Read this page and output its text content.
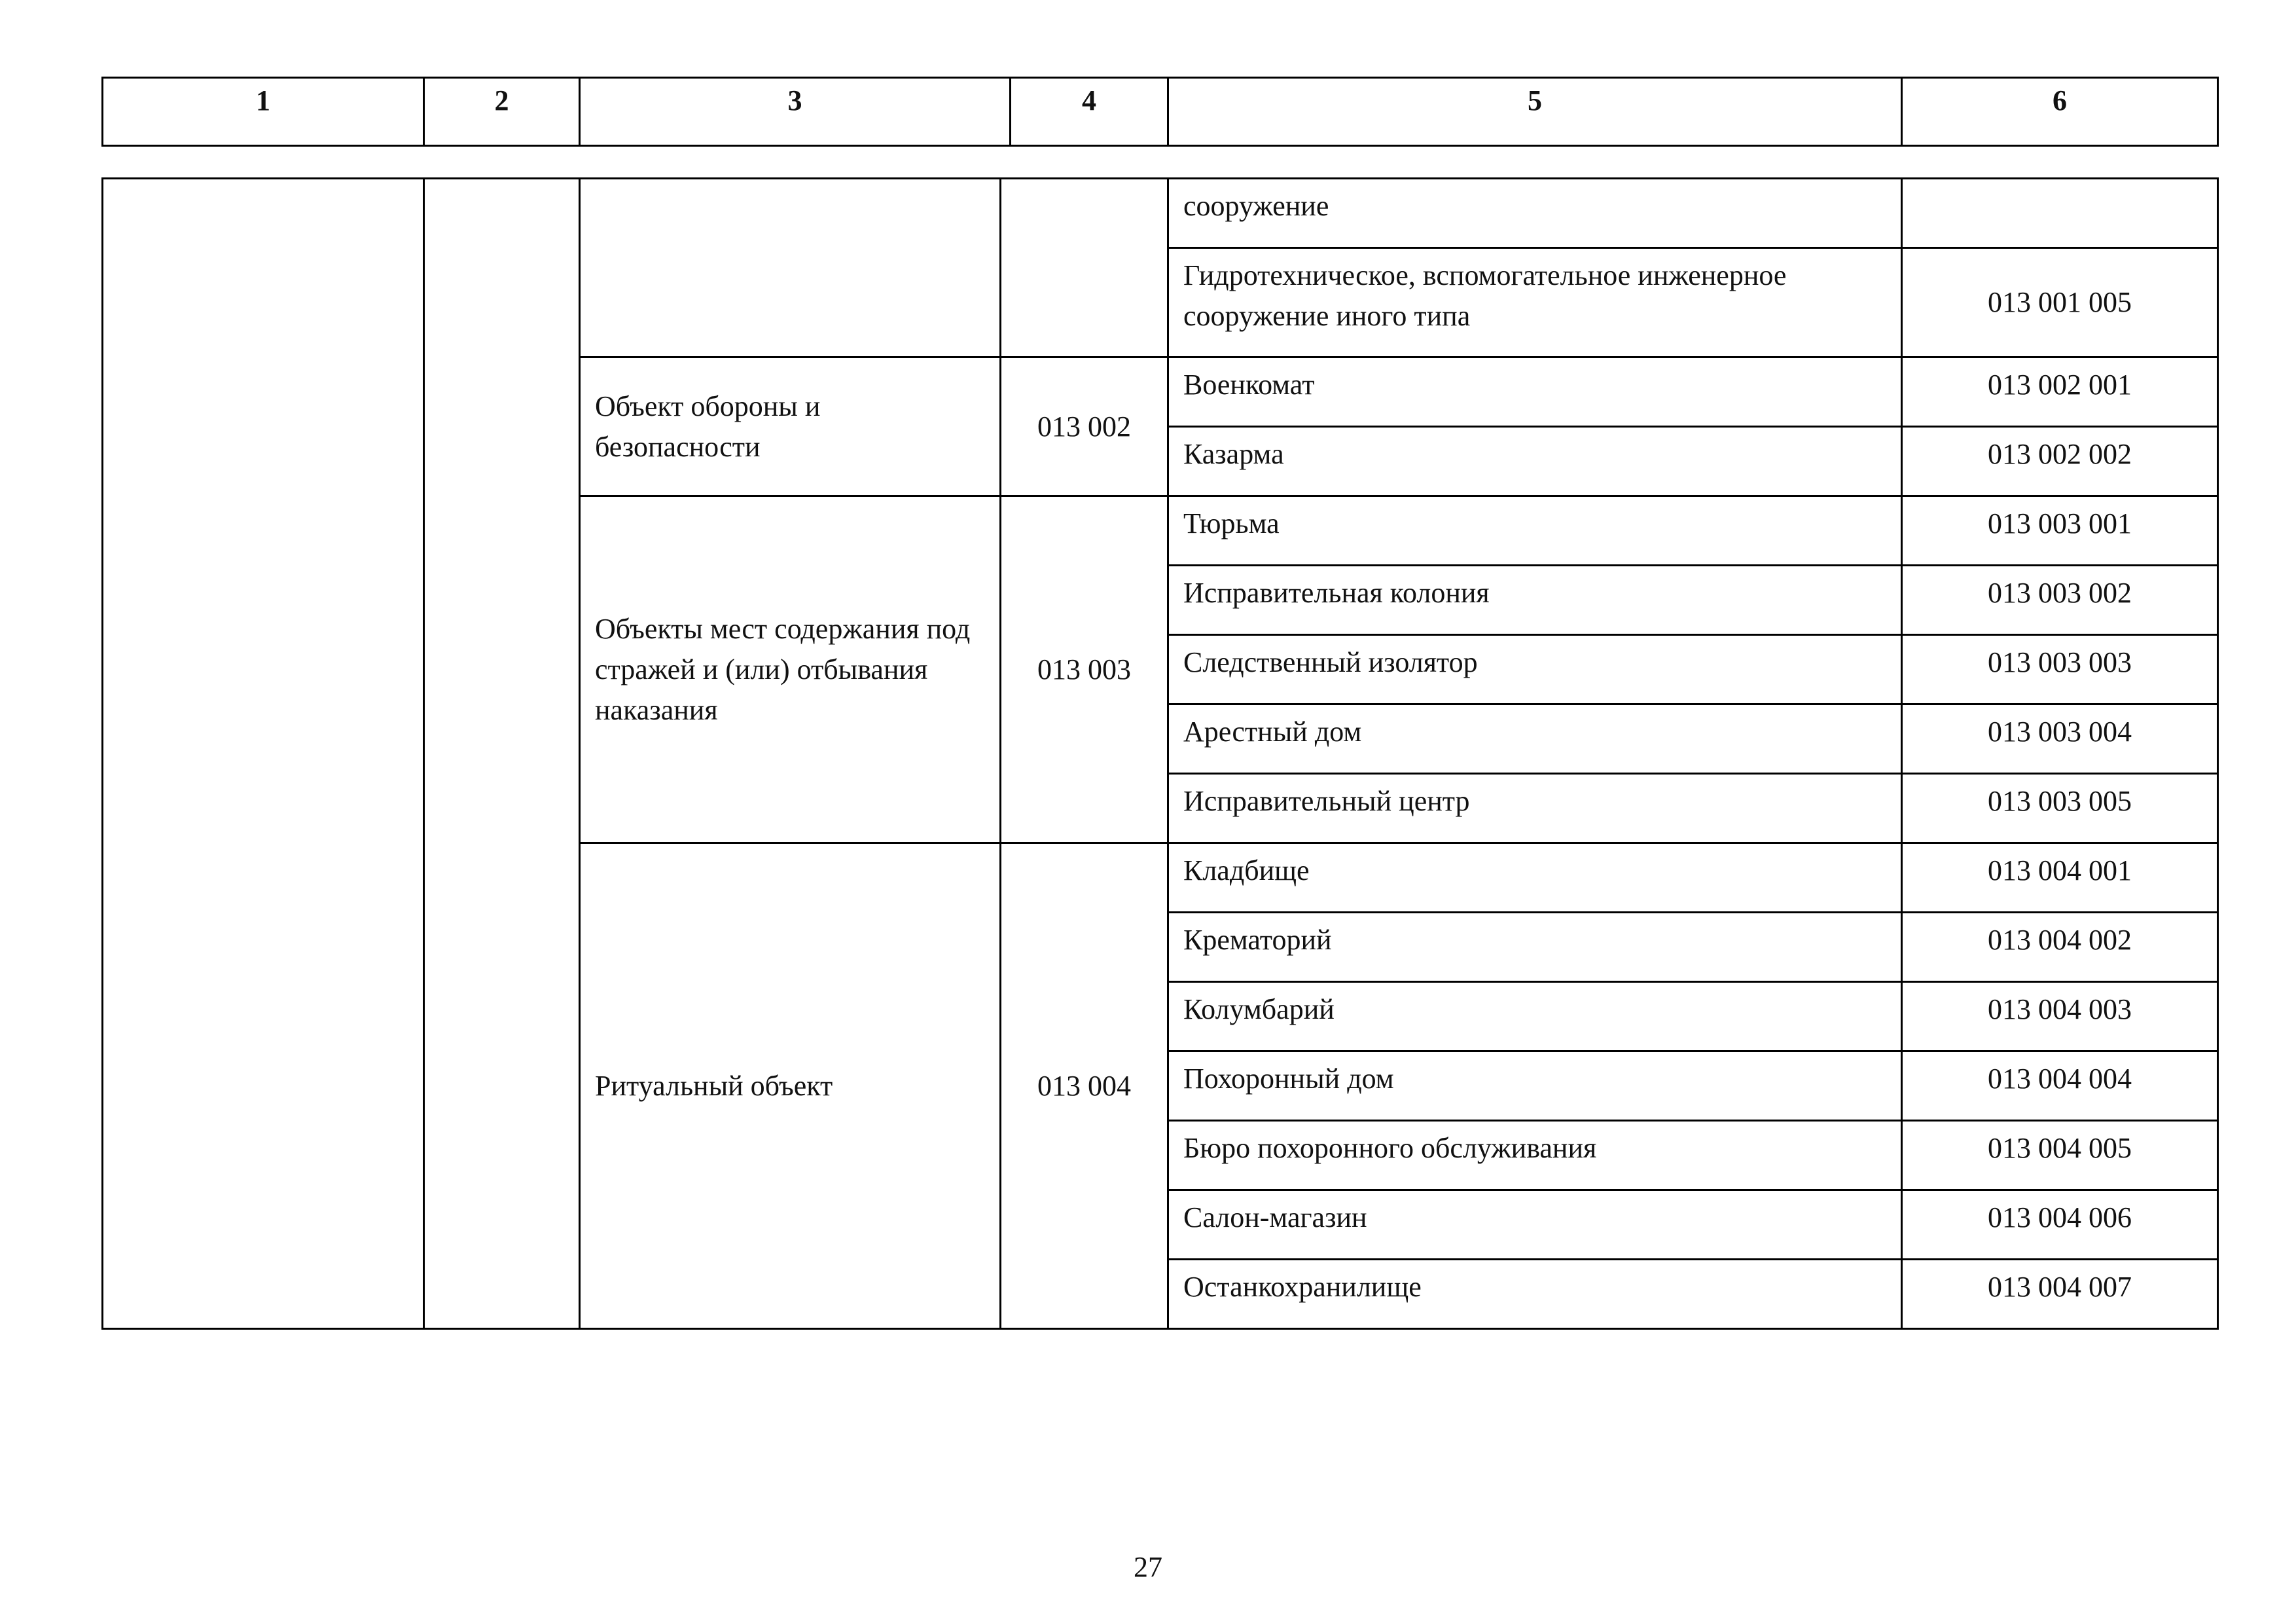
1	2	3	4	5	6
				сооружение	
				Гидротехническое, вспомогательное инженерное сооружение иного типа	013 001 005
		Объект обороны и безопасности	013 002	Военкомат	013 002 001
				Казарма	013 002 002
		Объекты мест содержания под стражей и (или) отбывания наказания	013 003	Тюрьма	013 003 001
				Исправительная колония	013 003 002
				Следственный изолятор	013 003 003
				Арестный дом	013 003 004
				Исправительный центр	013 003 005
		Ритуальный объект	013 004	Кладбище	013 004 001
				Крематорий	013 004 002
				Колумбарий	013 004 003
				Похоронный дом	013 004 004
				Бюро похоронного обслуживания	013 004 005
				Салон-магазин	013 004 006
				Останкохранилище	013 004 007
27
